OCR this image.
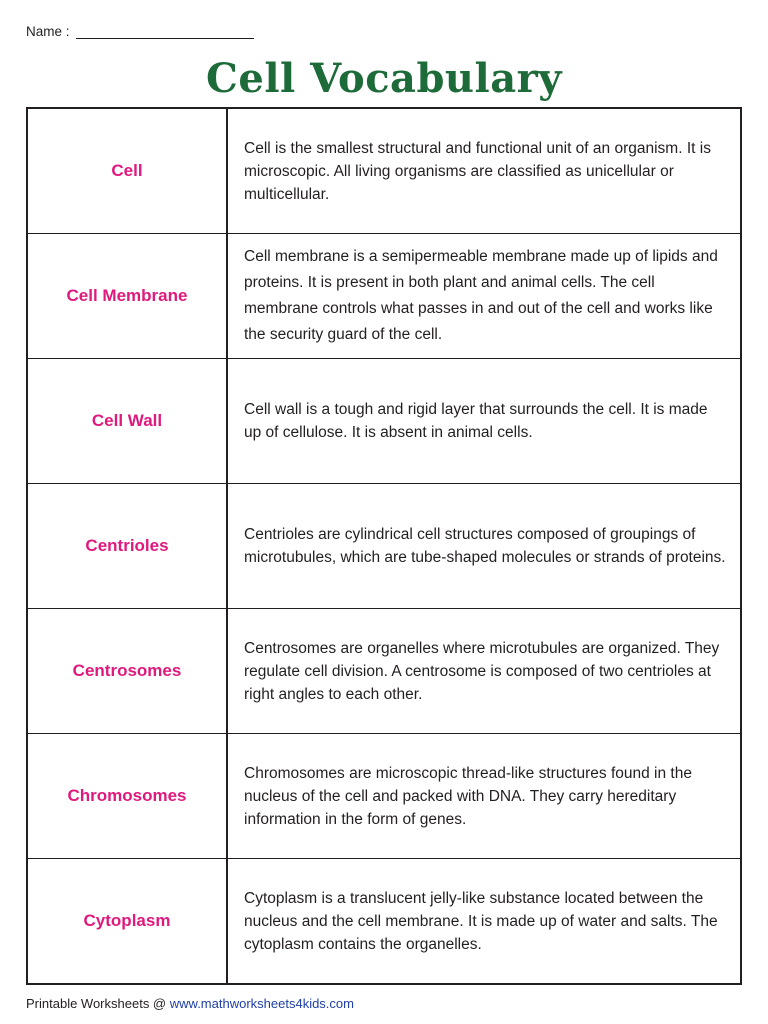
Name :
Cell Vocabulary
Cell
Cell is the smallest structural and functional unit of an organism. It is microscopic. All living organisms are classified as unicellular or multicellular.
Cell Membrane
Cell membrane is a semipermeable membrane made up of lipids and proteins. It is present in both plant and animal cells. The cell membrane controls what passes in and out of the cell and works like the security guard of the cell.
Cell Wall
Cell wall is a tough and rigid layer that surrounds the cell. It is made up of cellulose. It is absent in animal cells.
Centrioles
Centrioles are cylindrical cell structures composed of groupings of microtubules, which are tube-shaped molecules or strands of proteins.
Centrosomes
Centrosomes are organelles where microtubules are organized. They regulate cell division. A centrosome is composed of two centrioles at right angles to each other.
Chromosomes
Chromosomes are microscopic thread-like structures found in the nucleus of the cell and packed with DNA. They carry hereditary information in the form of genes.
Cytoplasm
Cytoplasm is a translucent jelly-like substance located between the nucleus and the cell membrane. It is made up of water and salts. The cytoplasm contains the organelles.
Printable Worksheets @ www.mathworksheets4kids.com
